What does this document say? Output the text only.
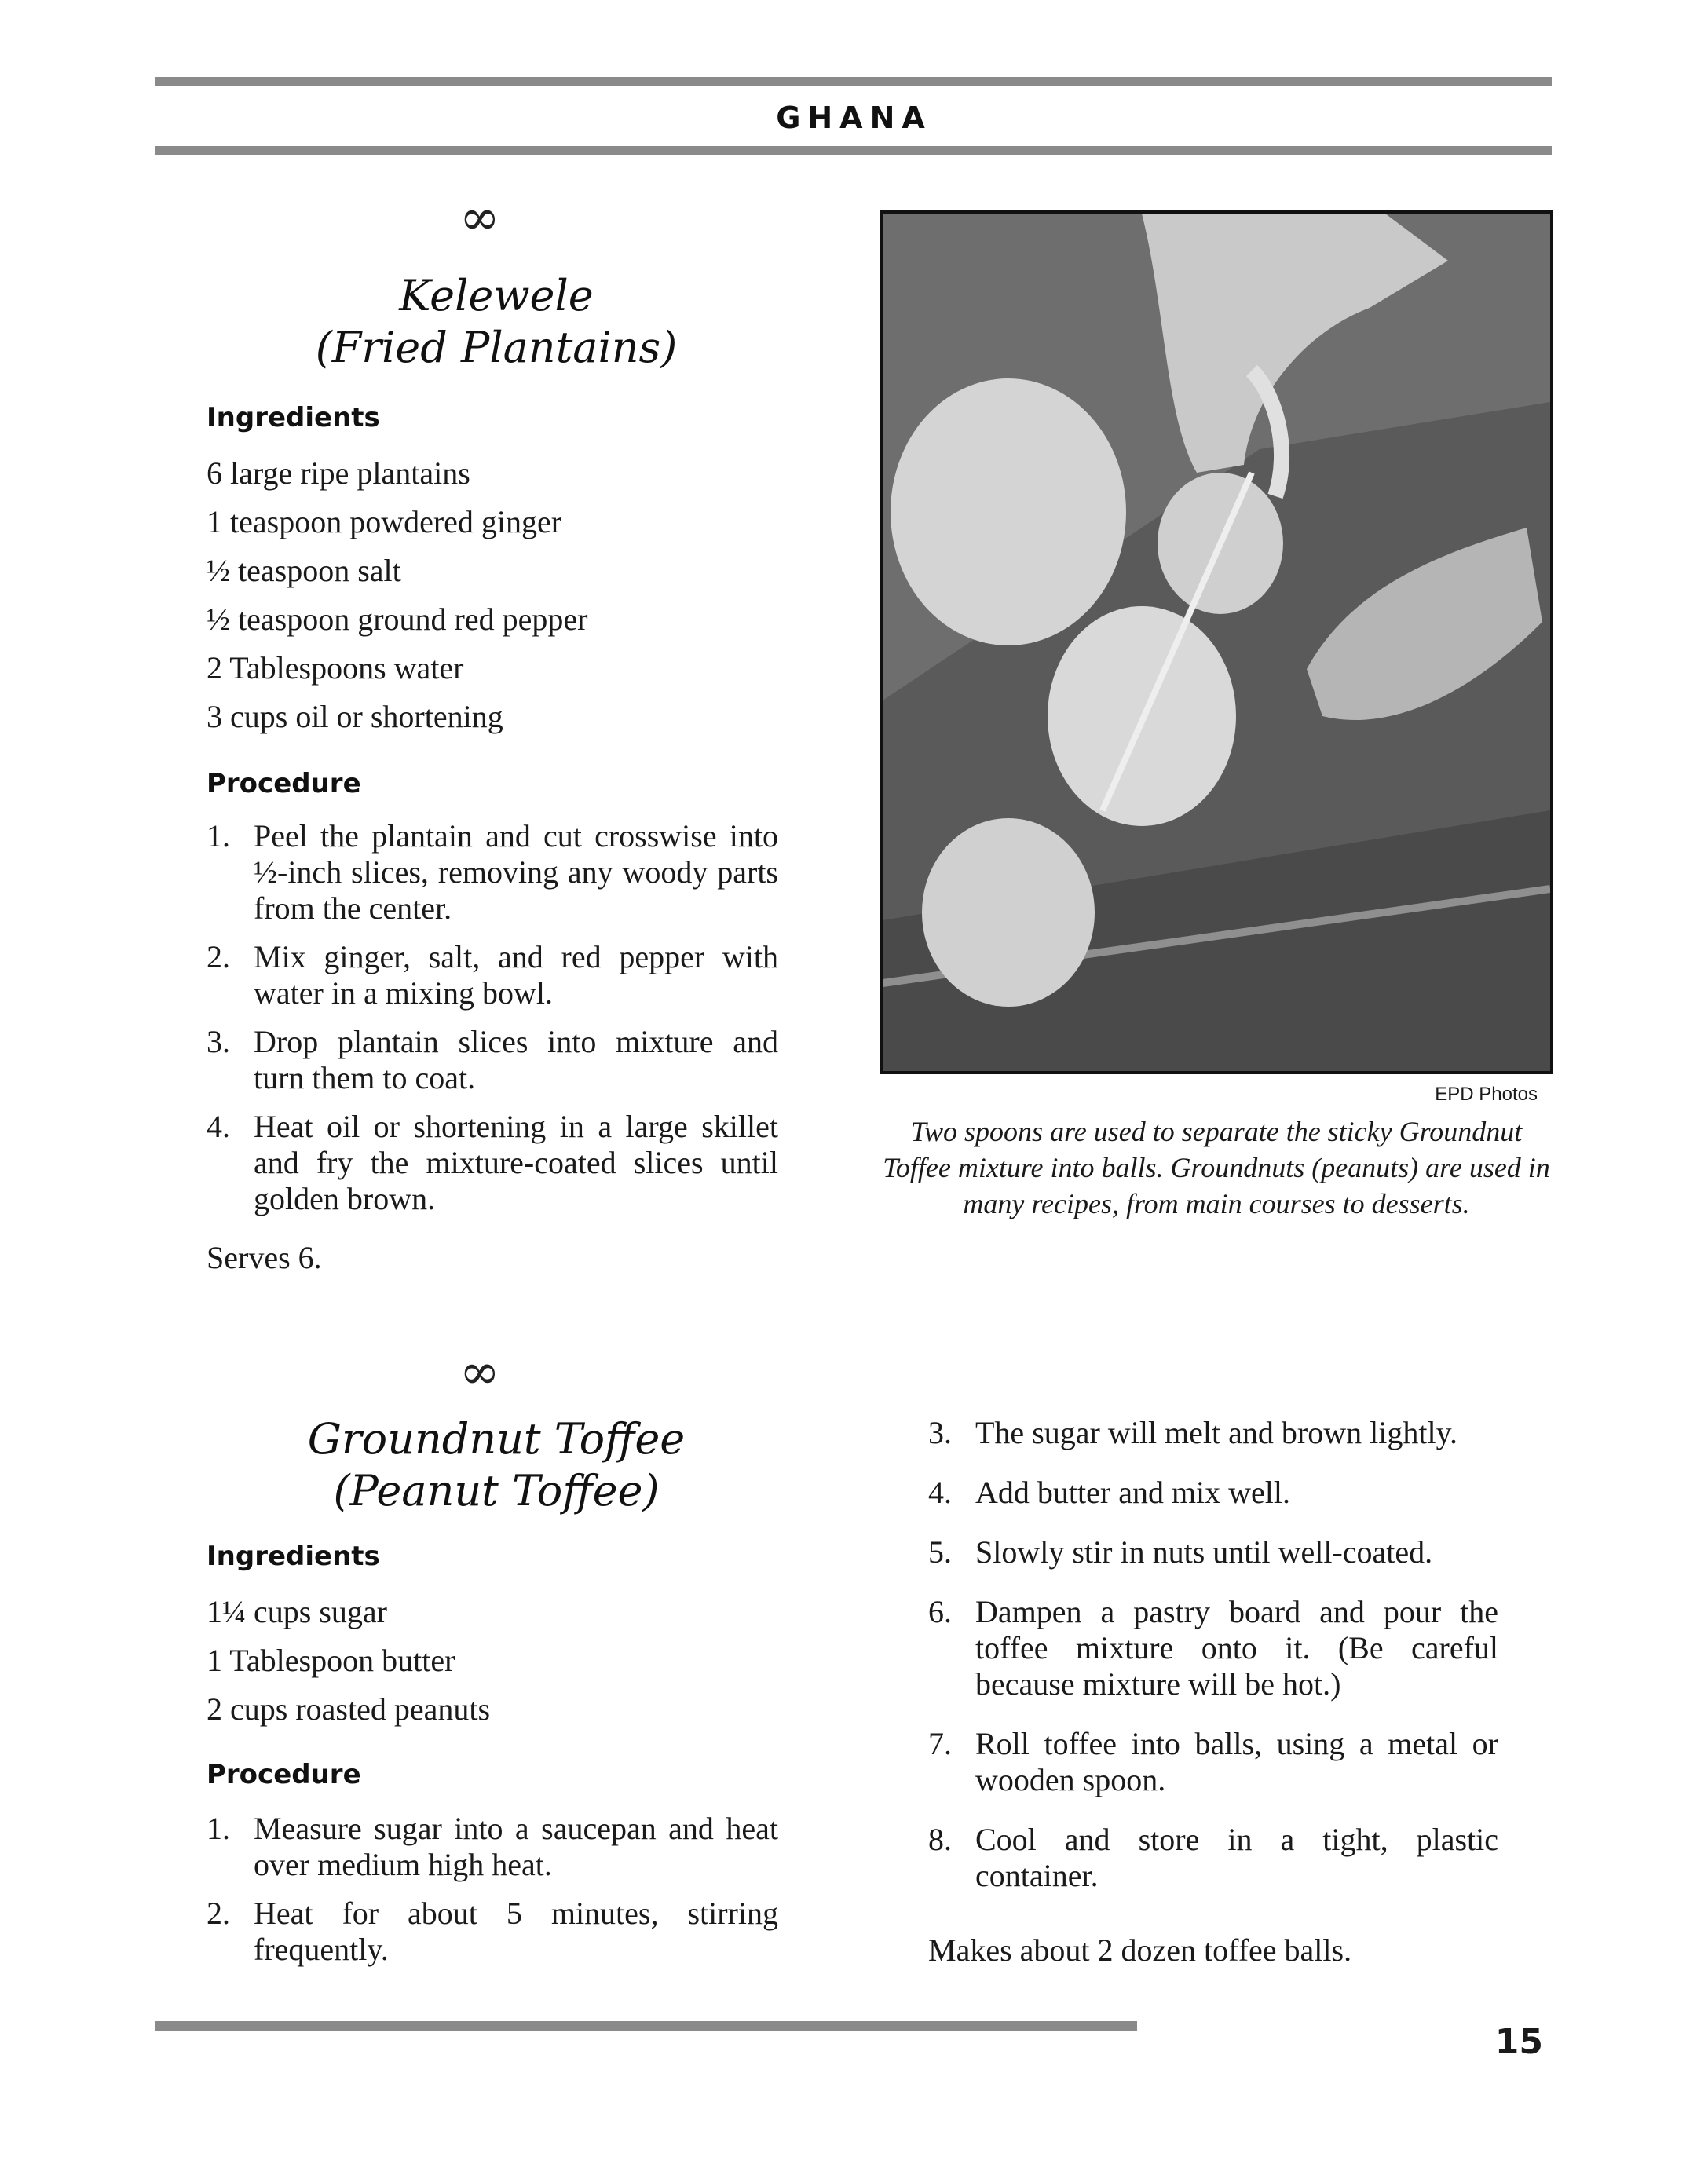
GHANA
∞
Kelewele
(Fried Plantains)
Ingredients
6 large ripe plantains
1 teaspoon powdered ginger
½ teaspoon salt
½ teaspoon ground red pepper
2 Tablespoons water
3 cups oil or shortening
Procedure
1. Peel the plantain and cut crosswise into ½-inch slices, removing any woody parts from the center.
2. Mix ginger, salt, and red pepper with water in a mixing bowl.
3. Drop plantain slices into mixture and turn them to coat.
4. Heat oil or shortening in a large skillet and fry the mixture-coated slices until golden brown.
Serves 6.
EPD Photos
Two spoons are used to separate the sticky Groundnut Toffee mixture into balls. Groundnuts (peanuts) are used in many recipes, from main courses to desserts.
∞
Groundnut Toffee
(Peanut Toffee)
Ingredients
1¼ cups sugar
1 Tablespoon butter
2 cups roasted peanuts
Procedure
1. Measure sugar into a saucepan and heat over medium high heat.
2. Heat for about 5 minutes, stirring frequently.
3. The sugar will melt and brown lightly.
4. Add butter and mix well.
5. Slowly stir in nuts until well-coated.
6. Dampen a pastry board and pour the toffee mixture onto it. (Be careful because mixture will be hot.)
7. Roll toffee into balls, using a metal or wooden spoon.
8. Cool and store in a tight, plastic container.
Makes about 2 dozen toffee balls.
15
